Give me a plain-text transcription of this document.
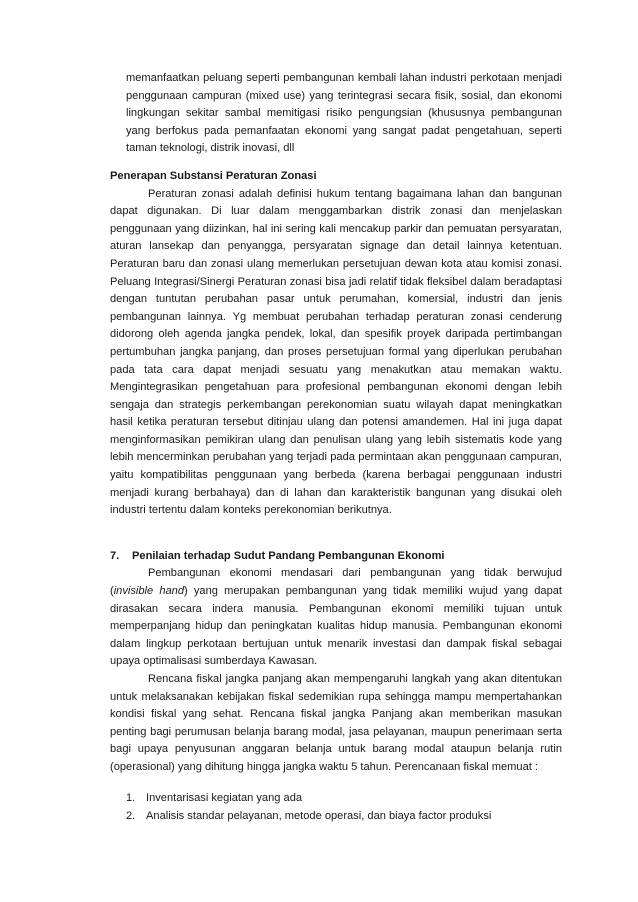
memanfaatkan peluang seperti pembangunan kembali lahan industri perkotaan menjadi penggunaan campuran (mixed use) yang terintegrasi secara fisik, sosial, dan ekonomi lingkungan sekitar sambal memitigasi risiko pengungsian (khususnya pembangunan yang berfokus pada pemanfaatan ekonomi yang sangat padat pengetahuan, seperti taman teknologi, distrik inovasi, dll

Penerapan Substansi Peraturan Zonasi

Peraturan zonasi adalah definisi hukum tentang bagaimana lahan dan bangunan dapat digunakan. Di luar dalam menggambarkan distrik zonasi dan menjelaskan penggunaan yang diizinkan, hal ini sering kali mencakup parkir dan pemuatan persyaratan, aturan lansekap dan penyangga, persyaratan signage dan detail lainnya ketentuan. Peraturan baru dan zonasi ulang memerlukan persetujuan dewan kota atau komisi zonasi. Peluang Integrasi/Sinergi Peraturan zonasi bisa jadi relatif tidak fleksibel dalam beradaptasi dengan tuntutan perubahan pasar untuk perumahan, komersial, industri dan jenis pembangunan lainnya. Yg membuat perubahan terhadap peraturan zonasi cenderung didorong oleh agenda jangka pendek, lokal, dan spesifik proyek daripada pertimbangan pertumbuhan jangka panjang, dan proses persetujuan formal yang diperlukan perubahan pada tata cara dapat menjadi sesuatu yang menakutkan atau memakan waktu. Mengintegrasikan pengetahuan para profesional pembangunan ekonomi dengan lebih sengaja dan strategis perkembangan perekonomian suatu wilayah dapat meningkatkan hasil ketika peraturan tersebut ditinjau ulang dan potensi amandemen. Hal ini juga dapat menginformasikan pemikiran ulang dan penulisan ulang yang lebih sistematis kode yang lebih mencerminkan perubahan yang terjadi pada permintaan akan penggunaan campuran, yaitu kompatibilitas penggunaan yang berbeda (karena berbagai penggunaan industri menjadi kurang berbahaya) dan di lahan dan karakteristik bangunan yang disukai oleh industri tertentu dalam konteks perekonomian berikutnya.

7.	Penilaian terhadap Sudut Pandang Pembangunan Ekonomi

Pembangunan ekonomi mendasari dari pembangunan yang tidak berwujud (invisible hand) yang merupakan pembangunan yang tidak memiliki wujud yang dapat dirasakan secara indera manusia. Pembangunan ekonomi memiliki tujuan untuk memperpanjang hidup dan peningkatan kualitas hidup manusia. Pembangunan ekonomi dalam lingkup perkotaan bertujuan untuk menarik investasi dan dampak fiskal sebagai upaya optimalisasi sumberdaya Kawasan.

Rencana fiskal jangka panjang akan mempengaruhi langkah yang akan ditentukan untuk melaksanakan kebijakan fiskal sedemikian rupa sehingga mampu mempertahankan kondisi fiskal yang sehat. Rencana fiskal jangka Panjang akan memberikan masukan penting bagi perumusan belanja barang modal, jasa pelayanan, maupun penerimaan serta bagi upaya penyusunan anggaran belanja untuk barang modal ataupun belanja rutin (operasional) yang dihitung hingga jangka waktu 5 tahun. Perencanaan fiskal memuat :

1. Inventarisasi kegiatan yang ada
2. Analisis standar pelayanan, metode operasi, dan biaya factor produksi
